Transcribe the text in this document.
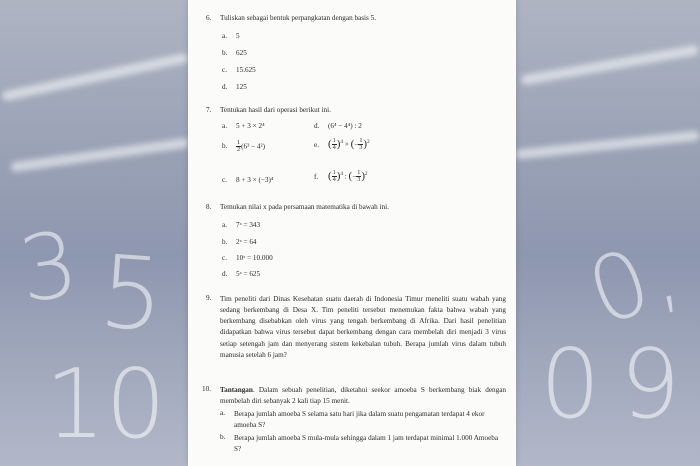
3 5
10
0,
0 9
6. Tuliskan sebagai bentuk perpangkatan dengan basis 5.
a. 5
b. 625
c. 15.625
d. 125
7. Tentukan hasil dari operasi berikut ini.
a. 5 + 3 × 2⁴	d. (6⁴ − 4⁴) : 2
b. $\frac{1}{2} (6^3 - 4^2)$	e. ( $\frac{1}{4} )^4$ × (− $\frac{1}{3} )^2$
c. 8 + 3 × (−3)⁴	f. ( $\frac{1}{4} )^4$ : (− $\frac{1}{3} )^2$
8. Temukan nilai x pada persamaan matematika di bawah ini.
a. 7ˣ = 343
b. 2ˣ = 64
c. 10ˣ = 10.000
d. 5ˣ = 625
9. Tim peneliti dari Dinas Kesehatan suatu daerah di Indonesia Timur meneliti suatu wabah yang sedang berkembang di Desa X. Tim peneliti tersebut menemukan fakta bahwa wabah yang berkembang disebabkan oleh virus yang tengah berkembang di Afrika. Dari hasil penelitian didapatkan bahwa virus tersebut dapat berkembang dengan cara membelah diri menjadi 3 virus setiap setengah jam dan menyerang sistem kekebalan tubuh. Berapa jumlah virus dalam tubuh manusia setelah 6 jam?
10. Tantangan. Dalam sebuah penelitian, diketahui seekor amoeba S berkembang biak dengan membelah diri sebanyak 2 kali tiap 15 menit.
a.	Berapa jumlah amoeba S selama satu hari jika dalam suatu pengamatan terdapat 4 ekor amoeba S?
b.	Berapa jumlah amoeba S mula-mula sehingga dalam 1 jam terdapat minimal 1.000 Amoeba S?
